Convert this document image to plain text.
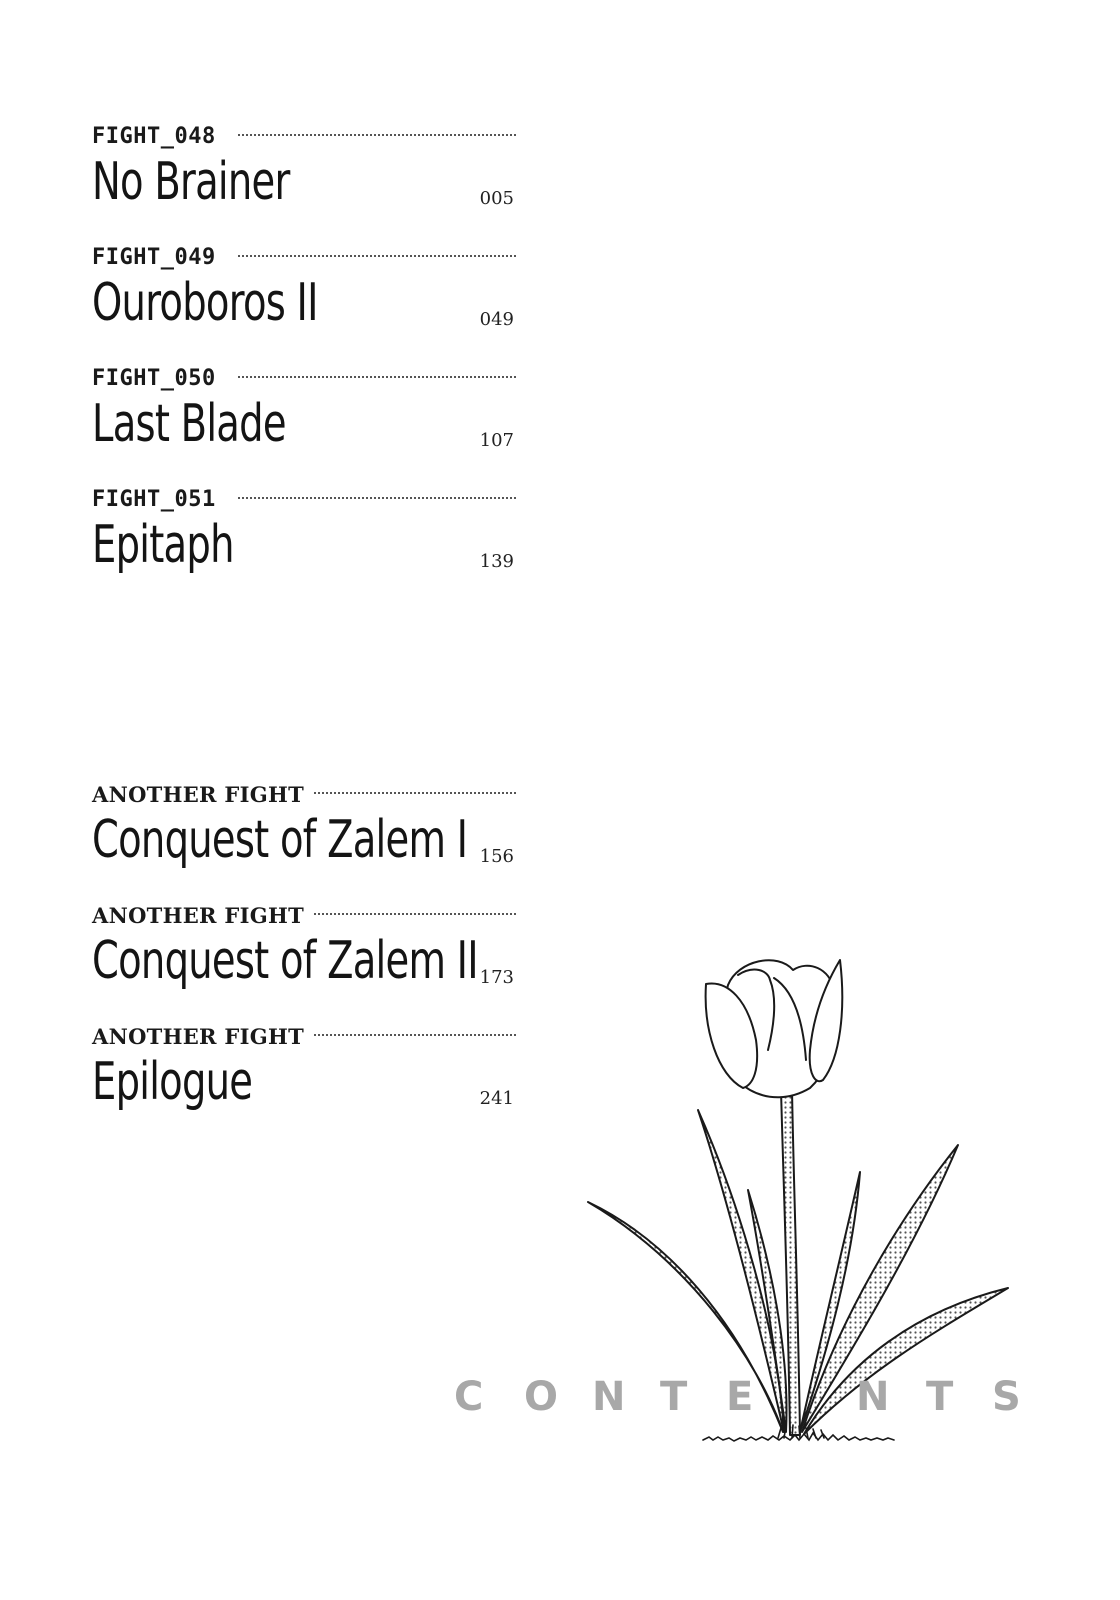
FIGHT_048
No Brainer	005
FIGHT_049
Ouroboros II	049
FIGHT_050
Last Blade	107
FIGHT_051
Epitaph	139
ANOTHER FIGHT
Conquest of Zalem I 156
ANOTHER FIGHT
Conquest of Zalem II 173
ANOTHER FIGHT
Epilogue	241
C O N T E	N T S
